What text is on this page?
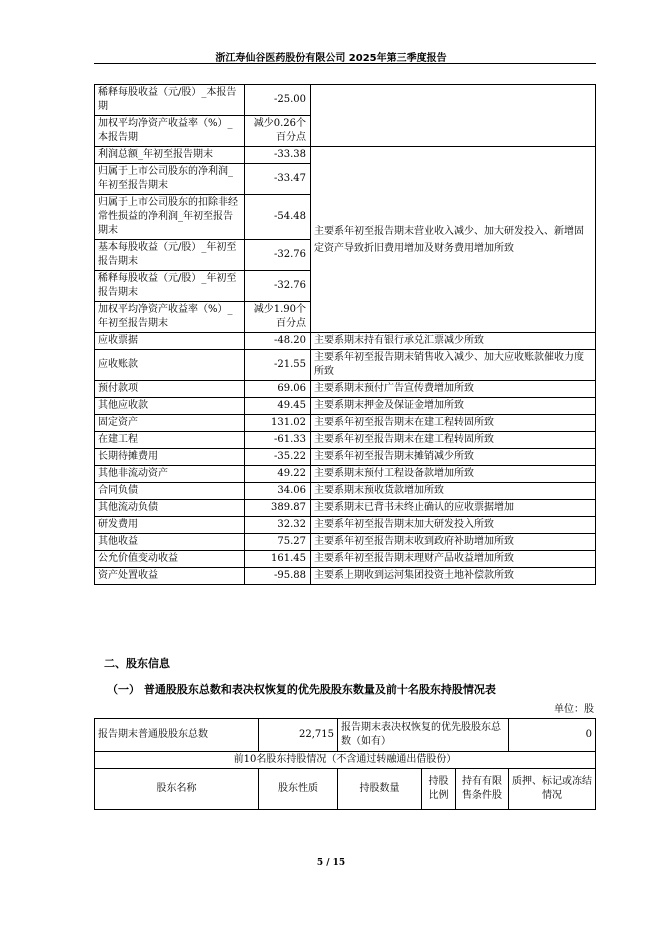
浙江寿仙谷医药股份有限公司 2025年第三季度报告
稀释每股收益（元/股）_本报告期	-25.00	
加权平均净资产收益率（%）_本报告期	减少0.26个百分点	
利润总额_年初至报告期末	-33.38	主要系年初至报告期末营业收入减少、加大研发投入、新增固定资产导致折旧费用增加及财务费用增加所致
归属于上市公司股东的净利润_年初至报告期末	-33.47	
归属于上市公司股东的扣除非经常性损益的净利润_年初至报告期末	-54.48	
基本每股收益（元/股）_年初至报告期末	-32.76	
稀释每股收益（元/股）_年初至报告期末	-32.76	
加权平均净资产收益率（%）_年初至报告期末	减少1.90个百分点	
应收票据	-48.20	主要系期末持有银行承兑汇票减少所致
应收账款	-21.55	主要系年初至报告期末销售收入减少、加大应收账款催收力度所致
预付款项	69.06	主要系期末预付广告宣传费增加所致
其他应收款	49.45	主要系期末押金及保证金增加所致
固定资产	131.02	主要系年初至报告期末在建工程转固所致
在建工程	-61.33	主要系年初至报告期末在建工程转固所致
长期待摊费用	-35.22	主要系年初至报告期末摊销减少所致
其他非流动资产	49.22	主要系期末预付工程设备款增加所致
合同负债	34.06	主要系期末预收货款增加所致
其他流动负债	389.87	主要系期末已背书未终止确认的应收票据增加
研发费用	32.32	主要系年初至报告期末加大研发投入所致
其他收益	75.27	主要系年初至报告期末收到政府补助增加所致
公允价值变动收益	161.45	主要系年初至报告期末理财产品收益增加所致
资产处置收益	-95.88	主要系上期收到运河集团投资土地补偿款所致
二、股东信息
（一） 普通股股东总数和表决权恢复的优先股股东数量及前十名股东持股情况表
单位：股
报告期末普通股股东总数	22,715	报告期末表决权恢复的优先股股东总数（如有）			0
前10名股东持股情况（不含通过转融通出借股份）					
股东名称	股东性质	持股数量	持股比例	持有有限售条件股	质押、标记或冻结情况
5 / 15
